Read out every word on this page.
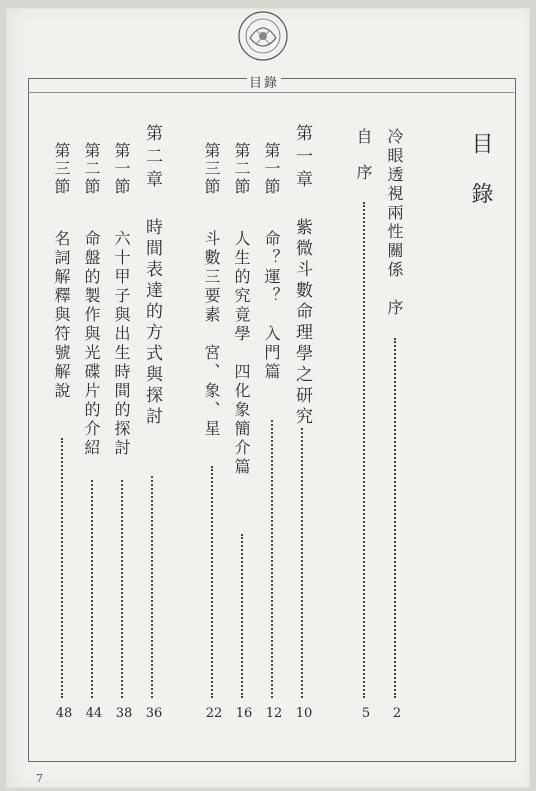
目錄
目錄
冷眼透視兩性關係　序
2
自　序
5
第一章
紫微斗數命理學之研究
10
第一節
命？運？　入門篇
12
第二節
人生的究竟學　四化象簡介篇
16
第三節
斗數三要素　宮、象、星
22
第二章
時間表達的方式與探討
36
第一節
六十甲子與出生時間的探討
38
第二節
命盤的製作與光碟片的介紹
44
第三節
名詞解釋與符號解說
48
7
